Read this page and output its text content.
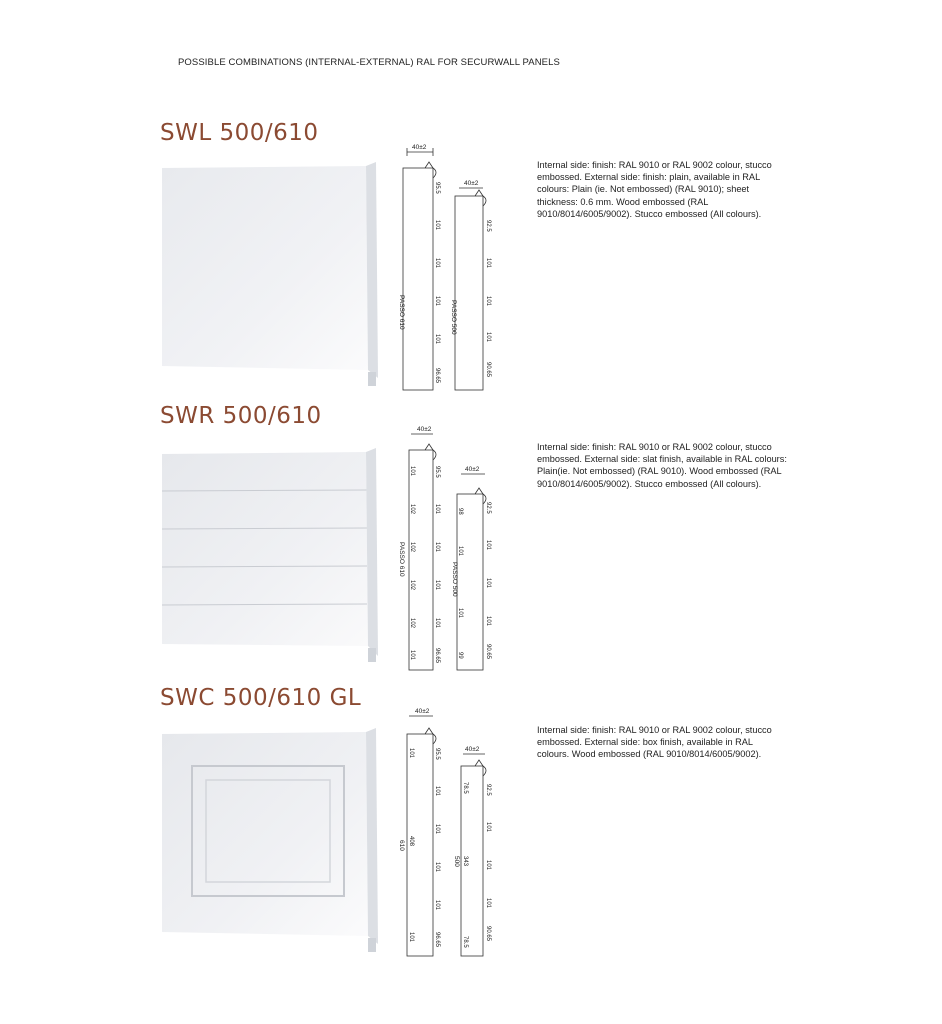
POSSIBLE COMBINATIONS (INTERNAL-EXTERNAL) RAL FOR SECURWALL PANELS
SWL 500/610
Internal side: finish: RAL 9010 or RAL 9002 colour, stucco embossed. External side: finish: plain, available in RAL colours: Plain (ie. Not embossed) (RAL 9010); sheet thickness: 0.6 mm. Wood embossed (RAL 9010/8014/6005/9002). Stucco embossed (All colours).
40±2
40±2
PASSO 610	PASSO 500
95.5
101
101
101
101
96.65
92.5
101
101
101
90.65
SWR 500/610
Internal side: finish: RAL 9010 or RAL 9002 colour, stucco embossed. External side: slat finish, available in RAL colours: Plain(ie. Not embossed) (RAL 9010). Wood embossed (RAL 9010/8014/6005/9002). Stucco embossed (All colours).
40±2
40±2
PASSO 610
PASSO 500
101
102
102
102
102
101
95.5
101
101
101
101
96.65
98
101
101
99
92.5
101
101
101
90.65
SWC 500/610 GL
Internal side: finish: RAL 9010 or RAL 9002 colour, stucco embossed. External side: box finish, available in RAL colours. Wood embossed (RAL 9010/8014/6005/9002).
40±2
40±2
610
500
101
408
101
95.5
101
101
101
101
96.65
78.5
343
78.5
92.5
101
101
101
90.65
